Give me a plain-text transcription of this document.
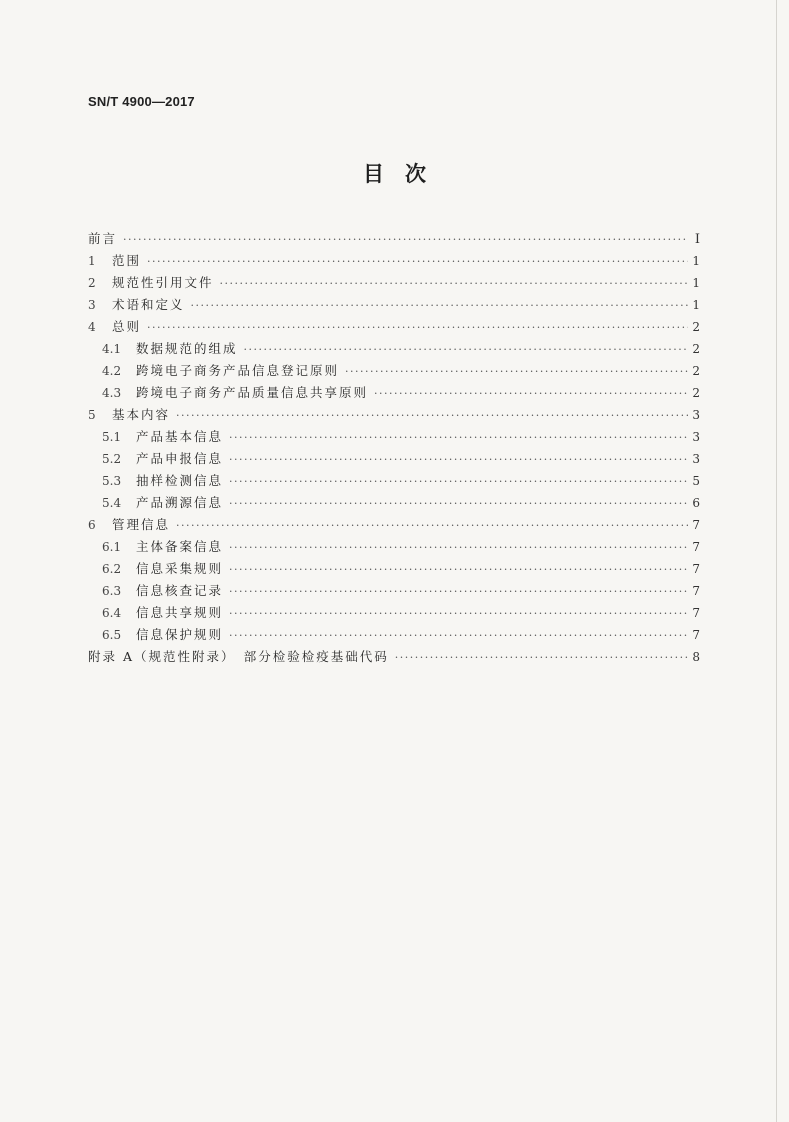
SN/T 4900—2017
目　次
前言 ·····	Ⅰ
1	范围 ·····	1
2	规范性引用文件 ·····	1
3	术语和定义 ·····	1
4	总则 ·····	2
4.1	数据规范的组成 ·····	2
4.2	跨境电子商务产品信息登记原则 ·····	2
4.3	跨境电子商务产品质量信息共享原则 ·····	2
5	基本内容 ·····	3
5.1	产品基本信息 ·····	3
5.2	产品申报信息 ·····	3
5.3	抽样检测信息 ·····	5
5.4	产品溯源信息 ·····	6
6	管理信息 ·····	7
6.1	主体备案信息 ·····	7
6.2	信息采集规则 ·····	7
6.3	信息核查记录 ·····	7
6.4	信息共享规则 ·····	7
6.5	信息保护规则 ·····	7
附录 A（规范性附录）　部分检验检疫基础代码 ·····	8
